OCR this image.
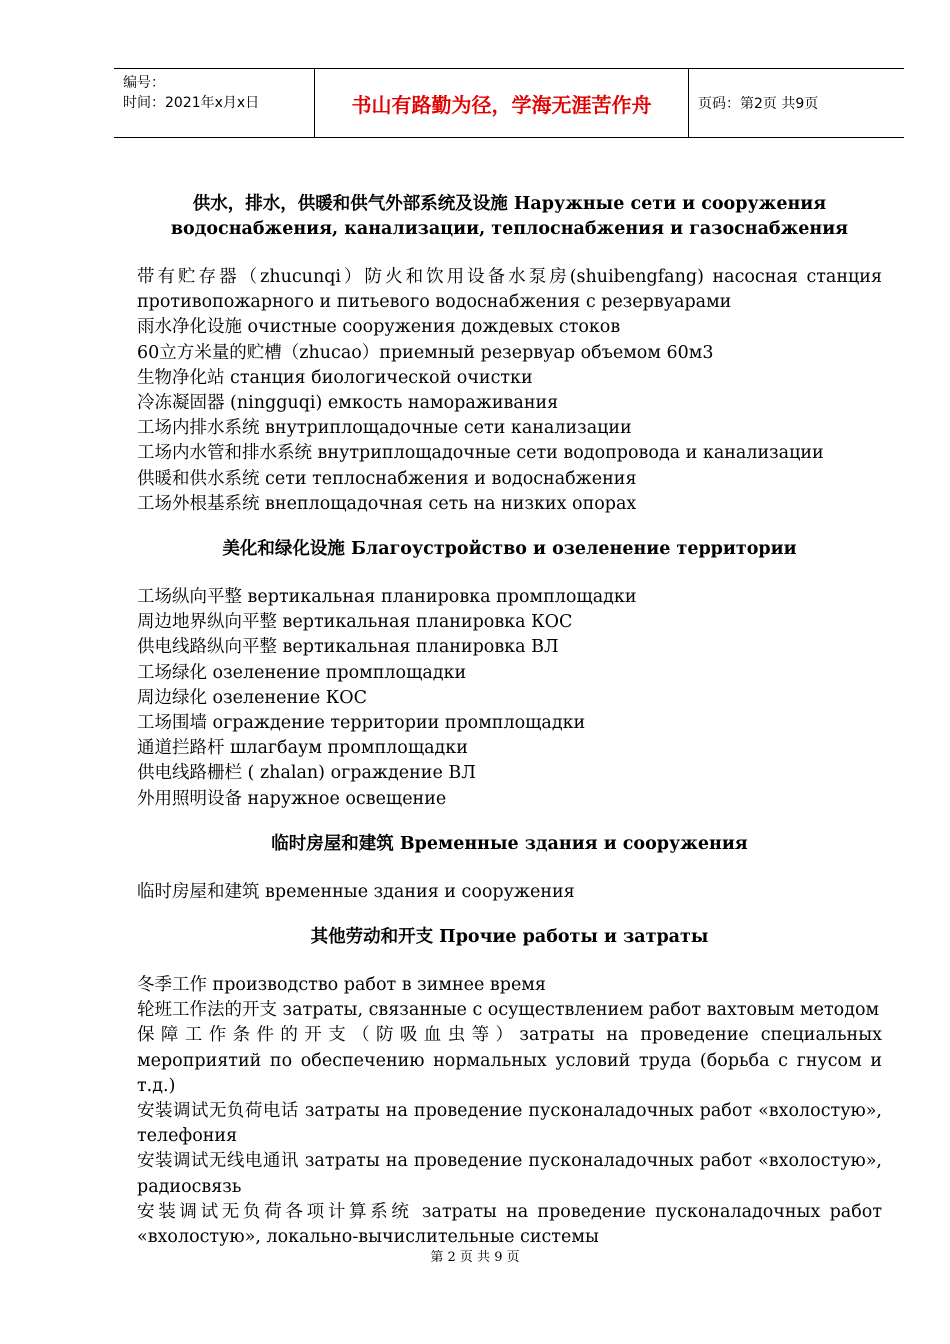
编号：
时间：2021年x月x日	书山有路勤为径，学海无涯苦作舟	页码：第2页 共9页
供水，排水，供暖和供气外部系统及设施 Наружные сети и сооружения
водоснабжения, канализации, теплоснабжения и газоснабжения
带有贮存器（zhucunqi）防火和饮用设备水泵房(shuibengfang) насосная станция противопожарного и питьевого водоснабжения с резервуарами
雨水净化设施 очистные сооружения дождевых стоков
60立方米量的贮槽（zhucao）приемный резервуар объемом 60м3
生物净化站 станция биологической очистки
冷冻凝固器 (ningguqi) емкость намораживания
工场内排水系统 внутриплощадочные сети канализации
工场内水管和排水系统 внутриплощадочные сети водопровода и канализации
供暖和供水系统 сети теплоснабжения и водоснабжения
工场外根基系统 внеплощадочная сеть на низких опорах
美化和绿化设施 Благоустройство и озеленение территории
工场纵向平整 вертикальная планировка промплощадки
周边地界纵向平整 вертикальная планировка КОС
供电线路纵向平整 вертикальная планировка ВЛ
工场绿化 озеленение промплощадки
周边绿化 озеленение КОС
工场围墙 ограждение территории промплощадки
通道拦路杆 шлагбаум промплощадки
供电线路栅栏 ( zhalan) ограждение ВЛ
外用照明设备 наружное освещение
临时房屋和建筑 Временные здания и сооружения
临时房屋和建筑 временные здания и сооружения
其他劳动和开支 Прочие работы и затраты
冬季工作 производство работ в зимнее время
轮班工作法的开支 затраты, связанные с осуществлением работ вахтовым методом
保障工作条件的开支（防吸血虫等）затраты на проведение специальных мероприятий по обеспечению нормальных условий труда (борьба с гнусом и т.д.)
安装调试无负荷电话 затраты на проведение пусконаладочных работ «вхолостую», телефония
安装调试无线电通讯 затраты на проведение пусконаладочных работ «вхолостую», радиосвязь
安装调试无负荷各项计算系统 затраты на проведение пусконаладочных работ «вхолостую», локально-вычислительные системы
第 2 页 共 9 页
